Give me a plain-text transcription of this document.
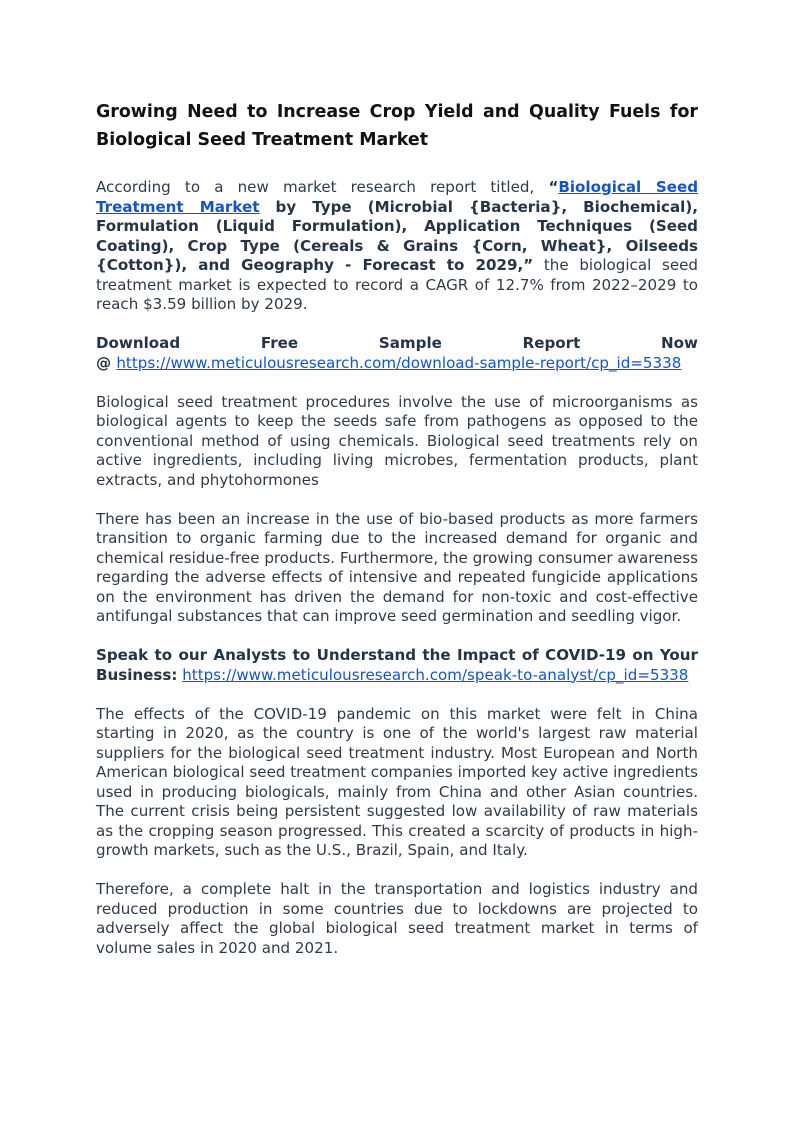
Growing Need to Increase Crop Yield and Quality Fuels for Biological Seed Treatment Market

According to a new market research report titled, “Biological Seed Treatment Market by Type (Microbial {Bacteria}, Biochemical), Formulation (Liquid Formulation), Application Techniques (Seed Coating), Crop Type (Cereals & Grains {Corn, Wheat}, Oilseeds {Cotton}), and Geography - Forecast to 2029,” the biological seed treatment market is expected to record a CAGR of 12.7% from 2022–2029 to reach $3.59 billion by 2029.

Download	Free	Sample	Report	Now
@ https://www.meticulousresearch.com/download-sample-report/cp_id=5338

Biological seed treatment procedures involve the use of microorganisms as biological agents to keep the seeds safe from pathogens as opposed to the conventional method of using chemicals. Biological seed treatments rely on active ingredients, including living microbes, fermentation products, plant extracts, and phytohormones

There has been an increase in the use of bio-based products as more farmers transition to organic farming due to the increased demand for organic and chemical residue-free products. Furthermore, the growing consumer awareness regarding the adverse effects of intensive and repeated fungicide applications on the environment has driven the demand for non-toxic and cost-effective antifungal substances that can improve seed germination and seedling vigor.

Speak to our Analysts to Understand the Impact of COVID-19 on Your Business: https://www.meticulousresearch.com/speak-to-analyst/cp_id=5338

The effects of the COVID-19 pandemic on this market were felt in China starting in 2020, as the country is one of the world's largest raw material suppliers for the biological seed treatment industry. Most European and North American biological seed treatment companies imported key active ingredients used in producing biologicals, mainly from China and other Asian countries. The current crisis being persistent suggested low availability of raw materials as the cropping season progressed. This created a scarcity of products in high-growth markets, such as the U.S., Brazil, Spain, and Italy.

Therefore, a complete halt in the transportation and logistics industry and reduced production in some countries due to lockdowns are projected to adversely affect the global biological seed treatment market in terms of volume sales in 2020 and 2021.
